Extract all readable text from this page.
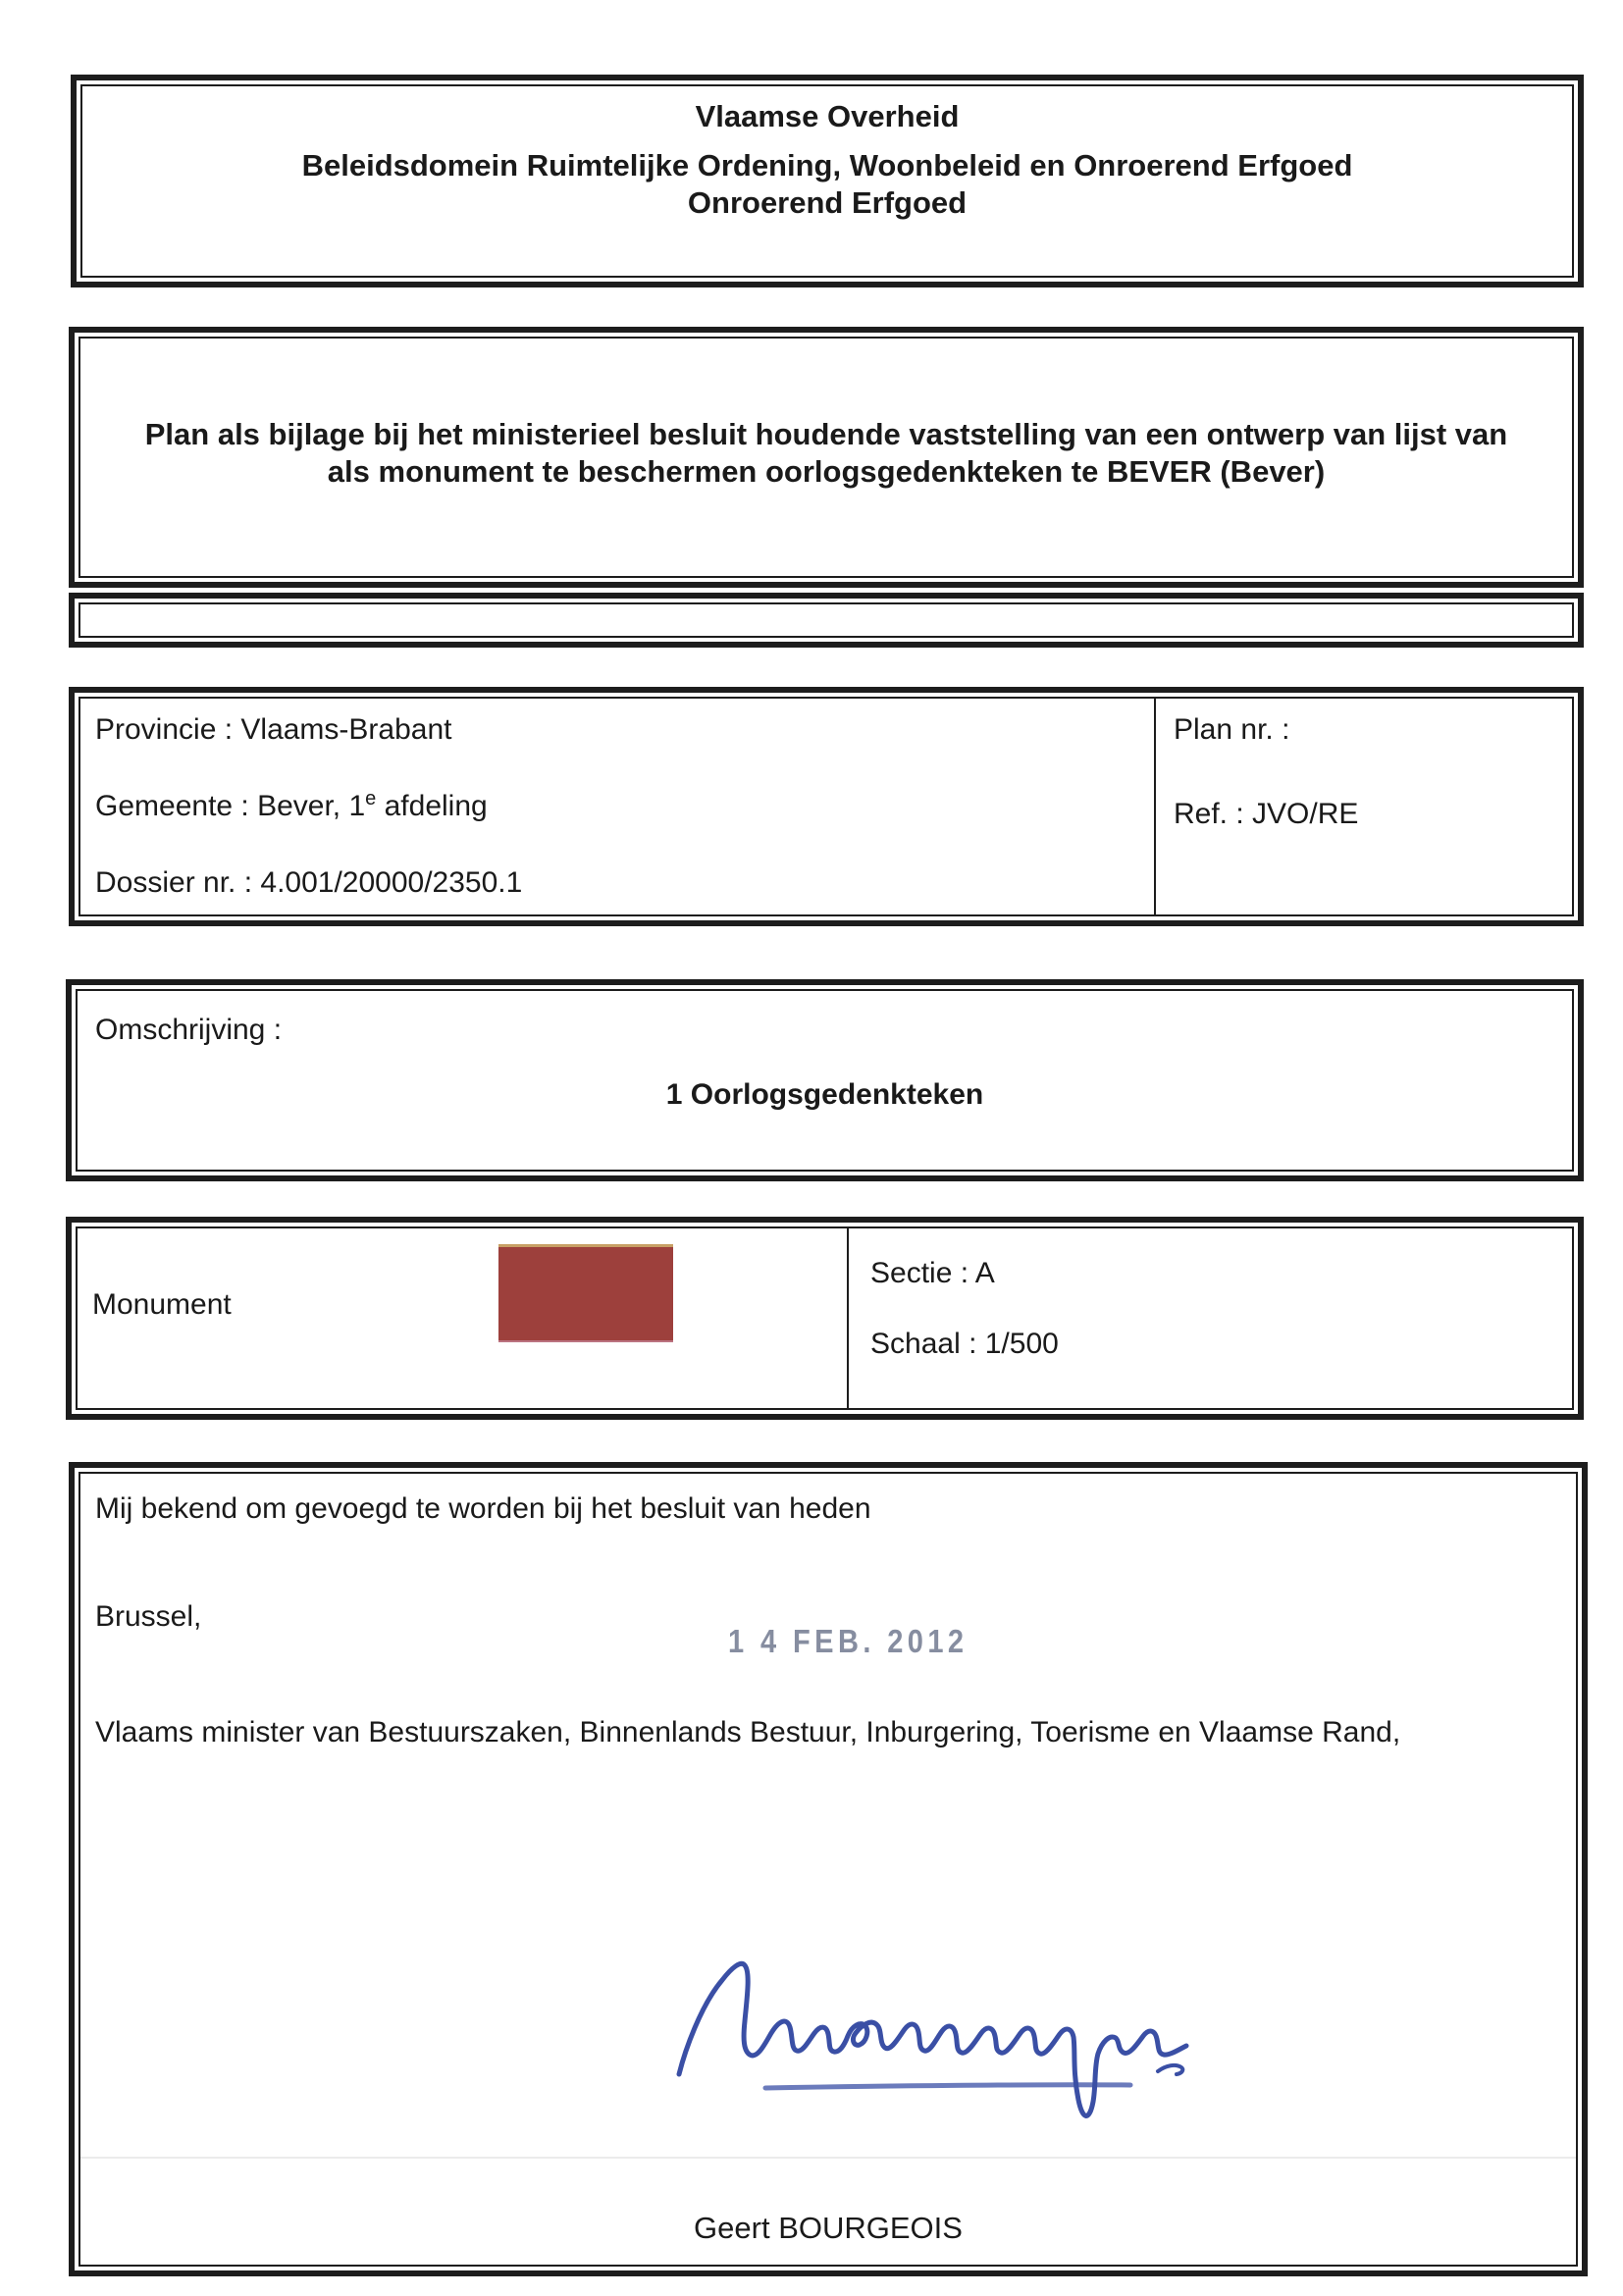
Vlaamse Overheid
Beleidsdomein Ruimtelijke Ordening, Woonbeleid en Onroerend Erfgoed
Onroerend Erfgoed
Plan als bijlage bij het ministerieel besluit houdende vaststelling van een ontwerp van lijst van
als monument te beschermen oorlogsgedenkteken te BEVER (Bever)
Provincie : Vlaams-Brabant
Gemeente : Bever, 1e afdeling
Dossier nr. : 4.001/20000/2350.1
Plan nr. :
Ref. : JVO/RE
Omschrijving :
1 Oorlogsgedenkteken
Monument
Sectie : A
Schaal : 1/500
Mij bekend om gevoegd te worden bij het besluit van heden
Brussel,
1 4 FEB. 2012
Vlaams minister van Bestuurszaken, Binnenlands Bestuur, Inburgering, Toerisme en Vlaamse Rand,
Geert BOURGEOIS
